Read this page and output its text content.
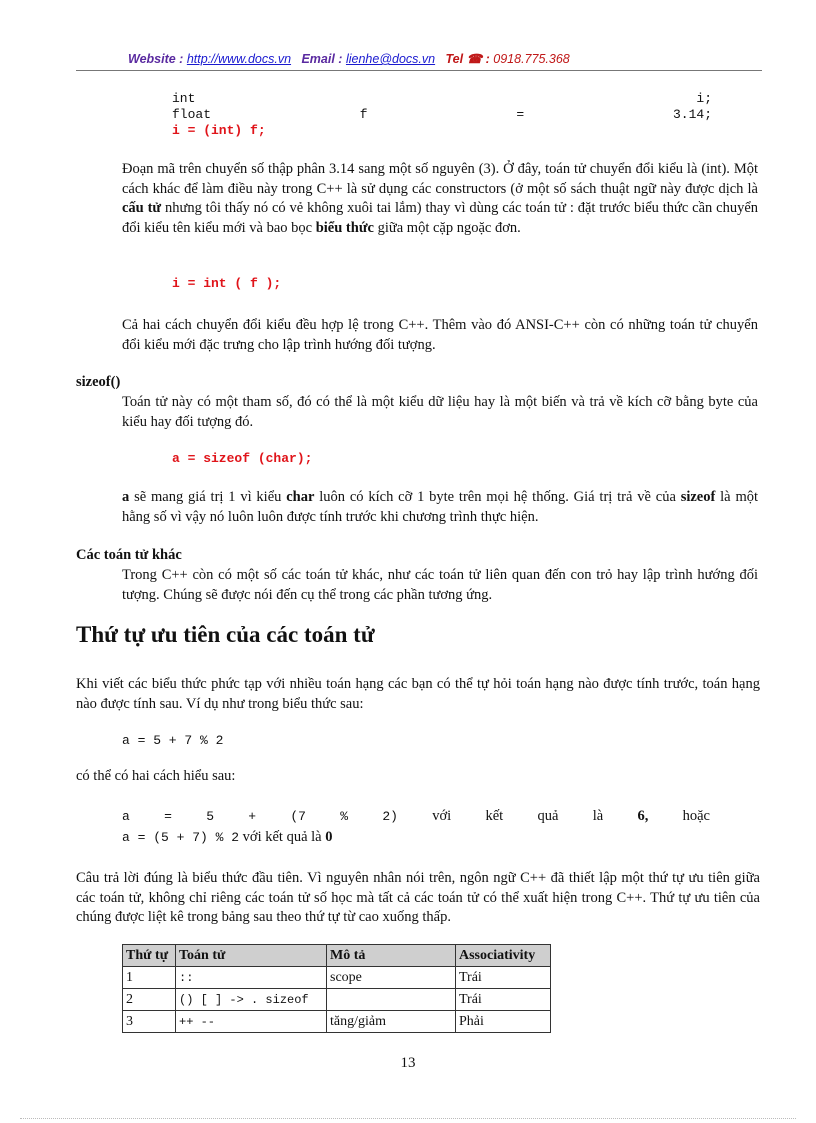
Website : http://www.docs.vn Email : lienhe@docs.vn Tel ☎ : 0918.775.368
int	i;
float	f	=	3.14;
i = (int) f;
Đoạn mã trên chuyển số thập phân 3.14 sang một số nguyên (3). Ở đây, toán tử chuyển đổi kiểu là (int). Một cách khác để làm điều này trong C++ là sử dụng các constructors (ở một số sách thuật ngữ này được dịch là cấu tử nhưng tôi thấy nó có vẻ không xuôi tai lắm) thay vì dùng các toán tử : đặt trước biểu thức cần chuyển đổi kiểu tên kiểu mới và bao bọc biểu thức giữa một cặp ngoặc đơn.
i = int ( f );
Cả hai cách chuyển đổi kiểu đều hợp lệ trong C++. Thêm vào đó ANSI-C++ còn có những toán tử chuyển đổi kiểu mới đặc trưng cho lập trình hướng đối tượng.
sizeof()
Toán tử này có một tham số, đó có thể là một kiểu dữ liệu hay là một biến và trả về kích cỡ bằng byte của kiểu hay đối tượng đó.
a = sizeof (char);
a sẽ mang giá trị 1 vì kiểu char luôn có kích cỡ 1 byte trên mọi hệ thống. Giá trị trả về của sizeof là một hằng số vì vậy nó luôn luôn được tính trước khi chương trình thực hiện.
Các toán tử khác
Trong C++ còn có một số các toán tử khác, như các toán tử liên quan đến con trỏ hay lập trình hướng đối tượng. Chúng sẽ được nói đến cụ thể trong các phần tương ứng.
Thứ tự ưu tiên của các toán tử
Khi viết các biểu thức phức tạp với nhiều toán hạng các bạn có thể tự hỏi toán hạng nào được tính trước, toán hạng nào được tính sau. Ví dụ như trong biểu thức sau:
a = 5 + 7 % 2
có thể có hai cách hiểu sau:
a	=	5	+	(7	%	2) với kết quả là 6, hoặc
a = (5 + 7) % 2 với kết quả là 0
Câu trả lời đúng là biểu thức đầu tiên. Vì nguyên nhân nói trên, ngôn ngữ C++ đã thiết lập một thứ tự ưu tiên giữa các toán tử, không chỉ riêng các toán tử số học mà tất cả các toán tử có thể xuất hiện trong C++. Thứ tự ưu tiên của chúng được liệt kê trong bảng sau theo thứ tự từ cao xuống thấp.
Thứ tự	Toán tử	Mô tả	Associativity
1	::	scope	Trái
2	() [ ] -> . sizeof		Trái
3	++ --	tăng/giảm	Phải
13
